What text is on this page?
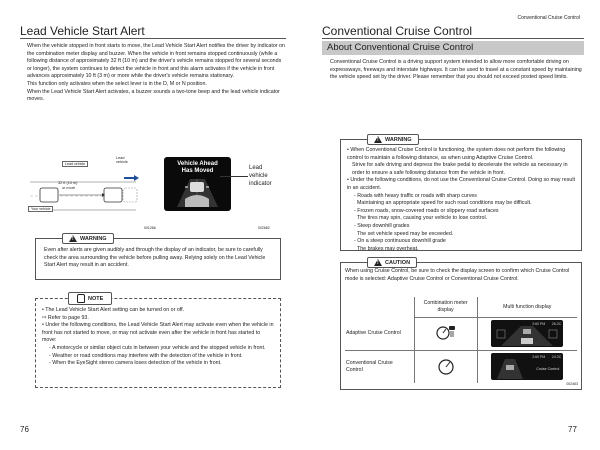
Lead Vehicle Start Alert
When the vehicle stopped in front starts to move, the Lead Vehicle Start Alert notifies the driver by indicator on the combination meter display and buzzer. When the vehicle in front remains stopped continuously (while a following distance of approximately 32 ft (10 m) and the driver's vehicle remains stopped for several seconds or longer), the system continues to detect the vehicle in front and this alarm activates if the vehicle in front advances approximately 10 ft (3 m) or more while the driver's vehicle remains stationary.
This function only activates when the select lever is in the D, M or N position.
When the Lead Vehicle Start Alert activates, a buzzer sounds a two-tone beep and the lead vehicle indicator moves.
Lead vehicle
Lead vehicle
32 ft (10 m)
or more
Your vehicle
001266
Vehicle Ahead
Has Moved	Lead
vehicle
indicator
002682
Even after alerts are given audibly and through the display of an indicator, be sure to carefully check the area surrounding the vehicle before pulling away. Relying solely on the Lead Vehicle Start Alert may result in an accident.
! WARNING
• The Lead Vehicle Start Alert setting can be turned on or off.
⇨ Refer to page 93.
• Under the following conditions, the Lead Vehicle Start Alert may activate even when the vehicle in front has not started to move, or may not activate even after the vehicle in front has started to move:
- A motorcycle or similar object cuts in between your vehicle and the stopped vehicle in front.
- Weather or road conditions may interfere with the detection of the vehicle in front.
- When the EyeSight stereo camera loses detection of the vehicle in front.
NOTE
76
Conventional Cruise Control
Conventional Cruise Control
About Conventional Cruise Control
Conventional Cruise Control is a driving support system intended to allow more comfortable driving on expressways, freeways and interstate highways. It can be used to travel at a constant speed by maintaining the vehicle speed set by the driver. Please remember that you should not exceed posted speed limits.
• When Conventional Cruise Control is functioning, the system does not perform the following control to maintain a following distance, as when using Adaptive Cruise Control.
Strive for safe driving and depress the brake pedal to decelerate the vehicle as necessary in order to ensure a safe following distance from the vehicle in front.
• Under the following conditions, do not use the Conventional Cruise Control. Doing so may result in an accident.
- Roads with heavy traffic or roads with sharp curves
Maintaining an appropriate speed for such road conditions may be difficult.
- Frozen roads, snow-covered roads or slippery road surfaces
The tires may spin, causing your vehicle to lose control.
- Steep downhill grades
The set vehicle speed may be exceeded.
- On a steep continuous downhill grade
The brakes may overheat.
! WARNING
When using Cruise Control, be sure to check the display screen to confirm which Cruise Control mode is selected: Adaptive Cruise Control or Conventional Cruise Control.
	Combination meter display	Multi function display
Adaptive Cruise Control		2:60 PM 26.0C

Conventional Cruise Control		2:60 PM 24.0C
Cruise Control
002463
! CAUTION
77
